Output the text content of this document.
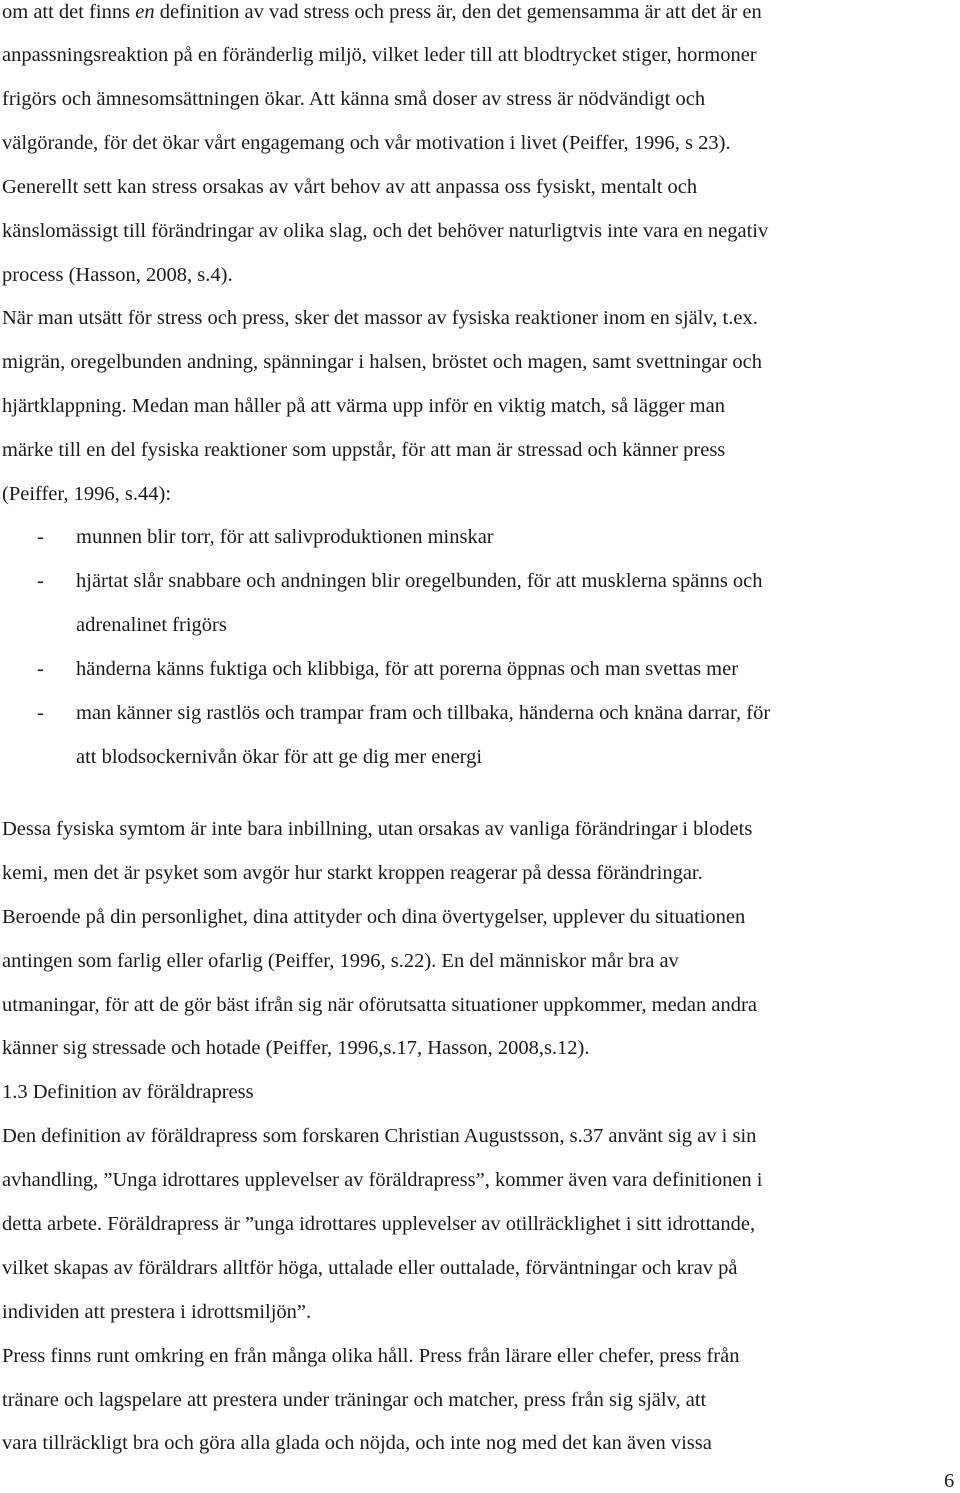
om att det finns en definition av vad stress och press är, den det gemensamma är att det är en
anpassningsreaktion på en föränderlig miljö, vilket leder till att blodtrycket stiger, hormoner
frigörs och ämnesomsättningen ökar. Att känna små doser av stress är nödvändigt och
välgörande, för det ökar vårt engagemang och vår motivation i livet (Peiffer, 1996, s 23).
Generellt sett kan stress orsakas av vårt behov av att anpassa oss fysiskt, mentalt och
känslomässigt till förändringar av olika slag, och det behöver naturligtvis inte vara en negativ
process (Hasson, 2008, s.4).
När man utsätt för stress och press, sker det massor av fysiska reaktioner inom en själv, t.ex.
migrän, oregelbunden andning, spänningar i halsen, bröstet och magen, samt svettningar och
hjärtklappning. Medan man håller på att värma upp inför en viktig match, så lägger man
märke till en del fysiska reaktioner som uppstår, för att man är stressad och känner press
(Peiffer, 1996, s.44):
- munnen blir torr, för att salivproduktionen minskar
- hjärtat slår snabbare och andningen blir oregelbunden, för att musklerna spänns och
adrenalinet frigörs
- händerna känns fuktiga och klibbiga, för att porerna öppnas och man svettas mer
- man känner sig rastlös och trampar fram och tillbaka, händerna och knäna darrar, för
att blodsockernivån ökar för att ge dig mer energi
Dessa fysiska symtom är inte bara inbillning, utan orsakas av vanliga förändringar i blodets
kemi, men det är psyket som avgör hur starkt kroppen reagerar på dessa förändringar.
Beroende på din personlighet, dina attityder och dina övertygelser, upplever du situationen
antingen som farlig eller ofarlig (Peiffer, 1996, s.22). En del människor mår bra av
utmaningar, för att de gör bäst ifrån sig när oförutsatta situationer uppkommer, medan andra
känner sig stressade och hotade (Peiffer, 1996,s.17, Hasson, 2008,s.12).
1.3 Definition av föräldrapress
Den definition av föräldrapress som forskaren Christian Augustsson, s.37 använt sig av i sin
avhandling, ”Unga idrottares upplevelser av föräldrapress”, kommer även vara definitionen i
detta arbete. Föräldrapress är ”unga idrottares upplevelser av otillräcklighet i sitt idrottande,
vilket skapas av föräldrars alltför höga, uttalade eller outtalade, förväntningar och krav på
individen att prestera i idrottsmiljön”.
Press finns runt omkring en från många olika håll. Press från lärare eller chefer, press från
tränare och lagspelare att prestera under träningar och matcher, press från sig själv, att
vara tillräckligt bra och göra alla glada och nöjda, och inte nog med det kan även vissa
6
